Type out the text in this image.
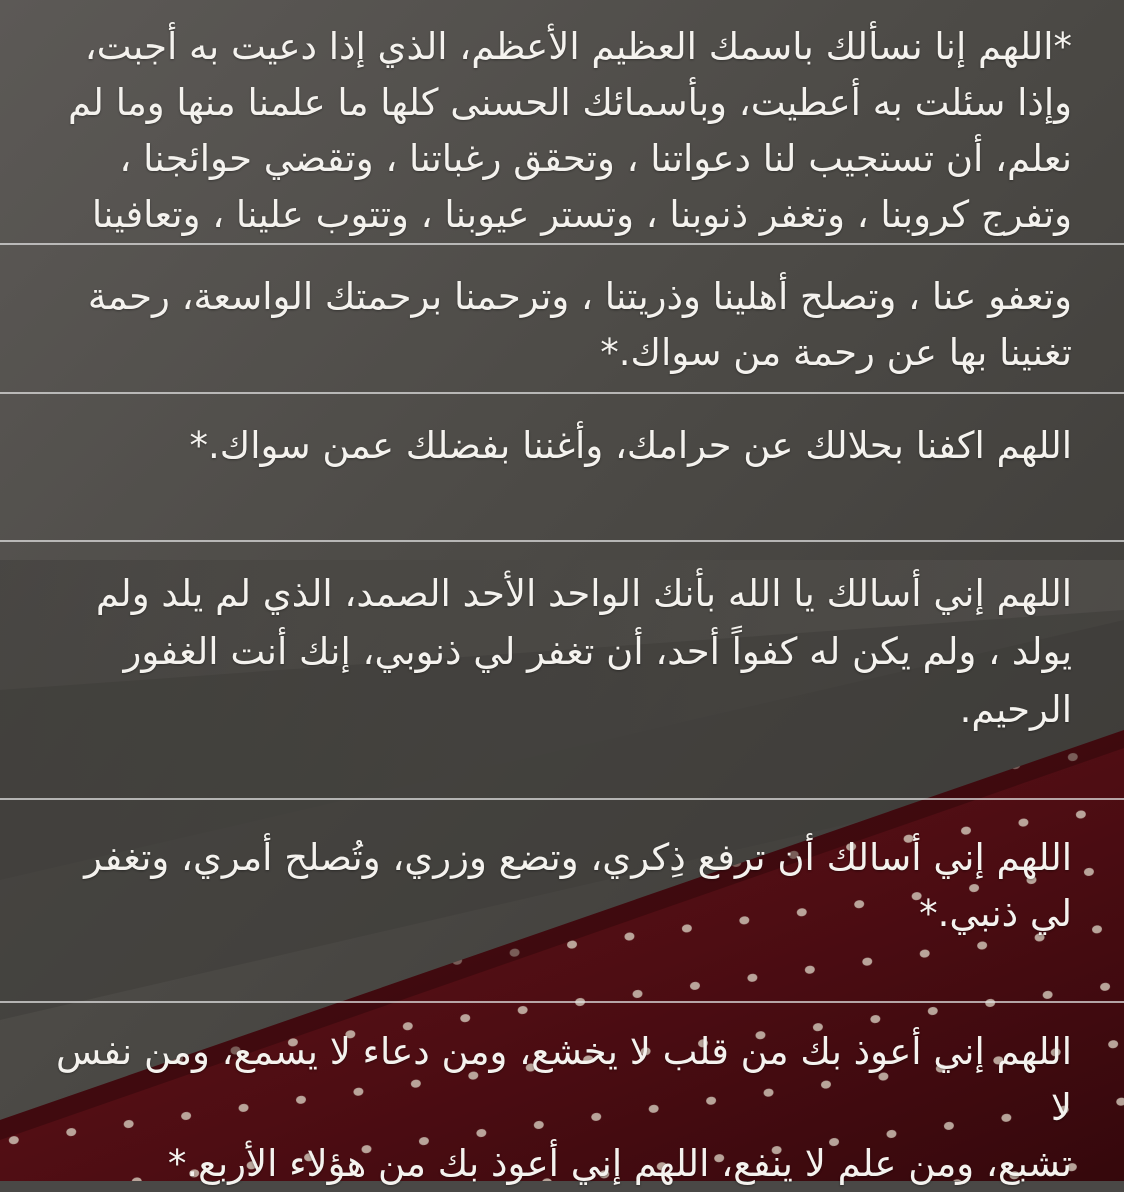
*اللهم إنا نسألك باسمك العظيم الأعظم، الذي إذا دعيت به أجبت،
وإذا سئلت به أعطيت، وبأسمائك الحسنى كلها ما علمنا منها وما لم
نعلم، أن تستجيب لنا دعواتنا ، وتحقق رغباتنا ، وتقضي حوائجنا ،
وتفرج كروبنا ، وتغفر ذنوبنا ، وتستر عيوبنا ، وتتوب علينا ، وتعافينا

وتعفو عنا ، وتصلح أهلينا وذريتنا ، وترحمنا برحمتك الواسعة، رحمة
تغنينا بها عن رحمة من سواك.*

اللهم اكفنا بحلالك عن حرامك، وأغننا بفضلك عمن سواك.*

اللهم إني أسالك يا الله بأنك الواحد الأحد الصمد، الذي لم يلد ولم
يولد ، ولم يكن له كفواً أحد، أن تغفر لي ذنوبي، إنك أنت الغفور
الرحيم.

اللهم إني أسالك أن ترفع ذِكري، وتضع وزري، وتُصلح أمري، وتغفر
لي ذنبي.*

اللهم إني أعوذ بك من قلب لا يخشع، ومن دعاء لا يسمع، ومن نفس لا
تشبع، ومن علم لا ينفع، اللهم إني أعوذ بك من هؤلاء الأربع.*
